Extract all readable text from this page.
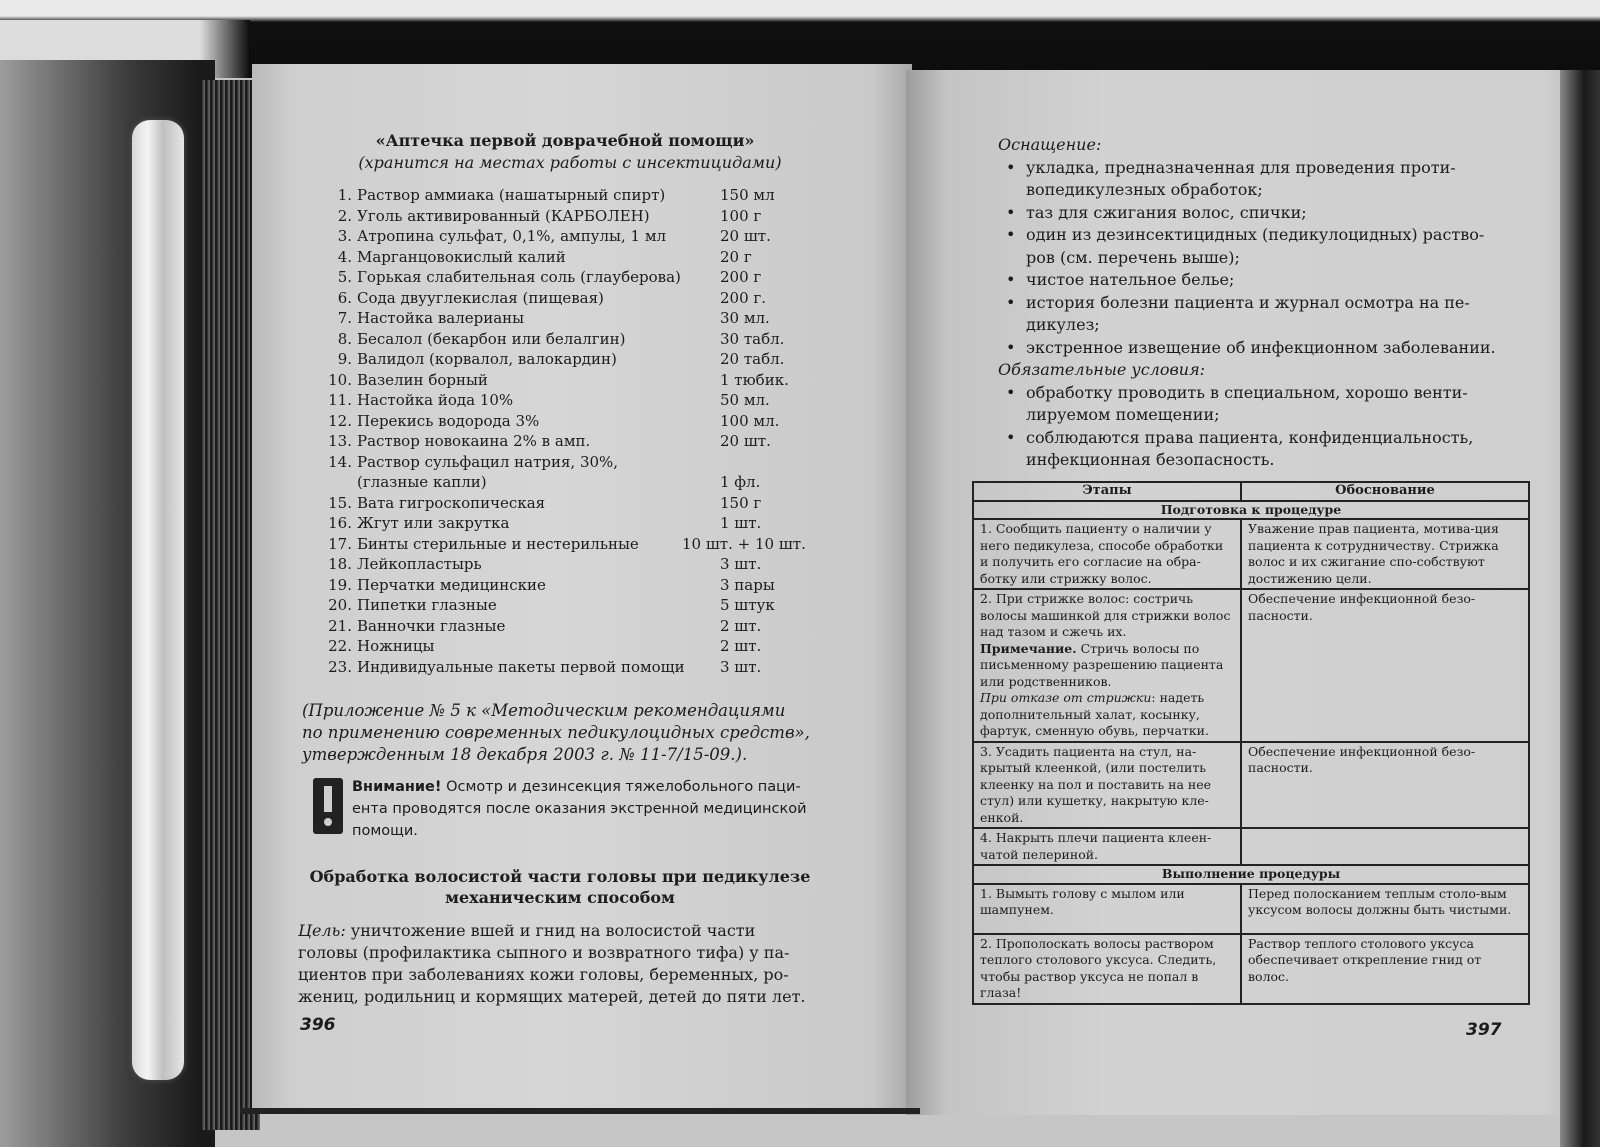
«Аптечка первой доврачебной помощи»
(хранится на местах работы с инсектицидами)
1. Раствор аммиака (нашатырный спирт)	150 мл
2. Уголь активированный (КАРБОЛЕН)	100 г
3. Атропина сульфат, 0,1%, ампулы, 1 мл	20 шт.
4. Марганцовокислый калий	20 г
5. Горькая слабительная соль (глауберова)	200 г
6. Сода двууглекислая (пищевая)	200 г.
7. Настойка валерианы	30 мл.
8. Бесалол (бекарбон или белалгин)	30 табл.
9. Валидол (корвалол, валокардин)	20 табл.
10. Вазелин борный	1 тюбик.
11. Настойка йода 10%	50 мл.
12. Перекись водорода 3%	100 мл.
13. Раствор новокаина 2% в амп.	20 шт.
14. Раствор сульфацил натрия, 30%,
(глазные капли)	1 фл.
15. Вата гигроскопическая	150 г
16. Жгут или закрутка	1 шт.
17. Бинты стерильные и нестерильные	10 шт. + 10 шт.
18. Лейкопластырь	3 шт.
19. Перчатки медицинские	3 пары
20. Пипетки глазные	5 штук
21. Ванночки глазные	2 шт.
22. Ножницы	2 шт.
23. Индивидуальные пакеты первой помощи 3 шт.
(Приложение № 5 к «Методическим рекомендациями
по применению современных педикулоцидных средств»,
утвержденным 18 декабря 2003 г. № 11-7/15-09.).
Внимание! Осмотр и дезинсекция тяжелобольного паци-
ента проводятся после оказания экстренной медицинской
помощи.
Обработка волосистой части головы при педикулезе
механическим способом
Цель: уничтожение вшей и гнид на волосистой части
головы (профилактика сыпного и возвратного тифа) у па-
циентов при заболеваниях кожи головы, беременных, ро-
жениц, родильниц и кормящих матерей, детей до пяти лет.
396
Оснащение:
• укладка, предназначенная для проведения проти-
вопедикулезных обработок;
• таз для сжигания волос, спички;
• один из дезинсектицидных (педикулоцидных) раство-
ров (см. перечень выше);
• чистое нательное белье;
• история болезни пациента и журнал осмотра на пе-
дикулез;
• экстренное извещение об инфекционном заболевании.
Обязательные условия:
• обработку проводить в специальном, хорошо венти-
лируемом помещении;
• соблюдаются права пациента, конфиденциальность,
инфекционная безопасность.
Этапы	Обоснование
Подготовка к процедуре	
1. Сообщить пациенту о наличии у него педикулеза, способе обработки и получить его согласие на обра-ботку или стрижку волос.	Уважение прав пациента, мотива-ция пациента к сотрудничеству. Стрижка волос и их сжигание спо-собствуют достижению цели.
2. При стрижке волос: состричь волосы машинкой для стрижки волос над тазом и сжечь их.
Примечание. Стричь волосы по письменному разрешению пациента или родственников.
При отказе от стрижки: надеть дополнительный халат, косынку, фартук, сменную обувь, перчатки.	Обеспечение инфекционной безо-пасности.
3. Усадить пациента на стул, на-крытый клеенкой, (или постелить клеенку на пол и поставить на нее стул) или кушетку, накрытую кле-енкой.	Обеспечение инфекционной безо-пасности.
4. Накрыть плечи пациента клеен-чатой пелериной.	
Выполнение процедуры	
1. Вымыть голову с мылом или шампунем.	Перед полосканием теплым столо-вым уксусом волосы должны быть чистыми.
2. Прополоскать волосы раствором теплого столового уксуса. Следить, чтобы раствор уксуса не попал в глаза!	Раствор теплого столового уксуса обеспечивает открепление гнид от волос.
397
